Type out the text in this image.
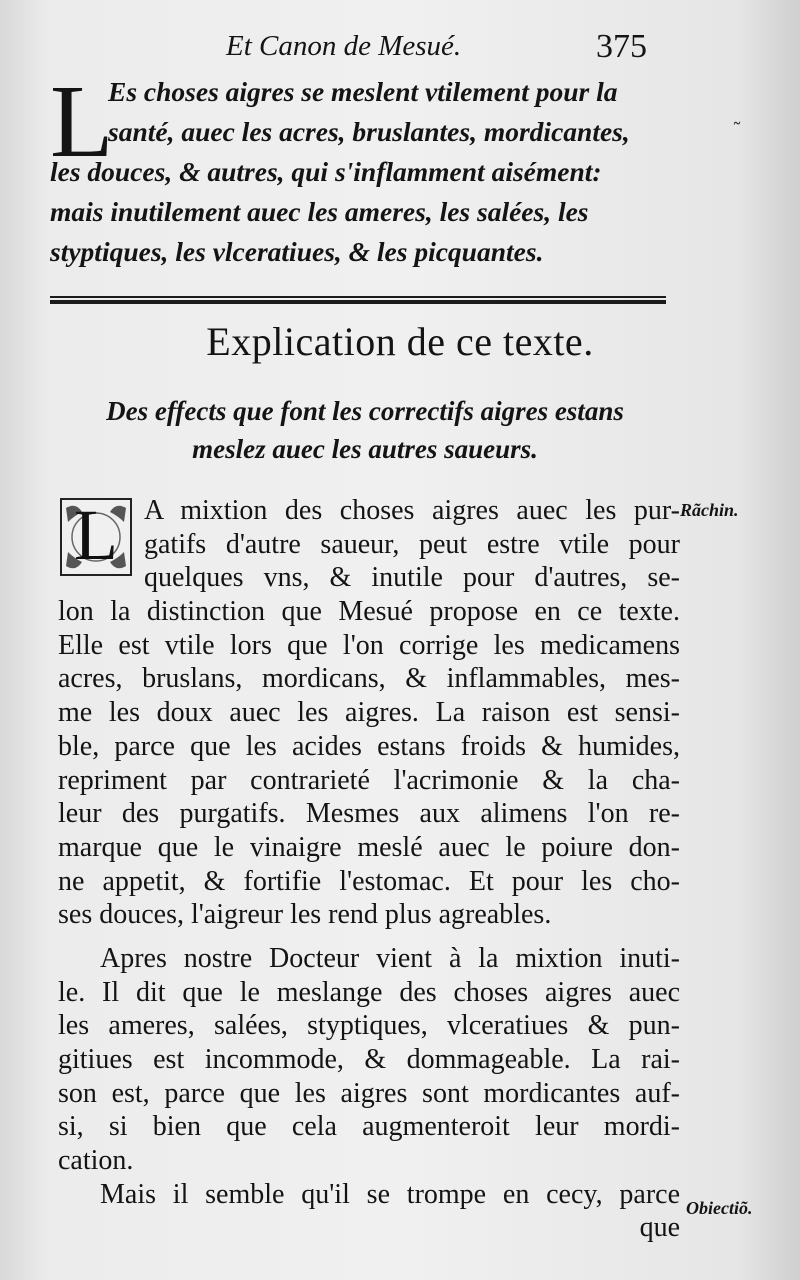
Et Canon de Mesué.	375
L
Es choses aigres se meslent vtilement pour la
santé, auec les acres, bruslantes, mordicantes,
les douces, & autres, qui s'inflamment aisément:
mais inutilement auec les ameres, les salées, les
styptiques, les vlceratiues, & les picquantes.
Explication de ce texte.
Des effects que font les correctifs aigres estans
meslez auec les autres saueurs.
L A mixtion des choses aigres auec les pur-
gatifs d'autre saueur, peut estre vtile pour
quelques vns, & inutile pour d'autres, se-
lon la distinction que Mesué propose en ce texte.
Elle est vtile lors que l'on corrige les medicamens
acres, bruslans, mordicans, & inflammables, mes-
me les doux auec les aigres. La raison est sensi-
ble, parce que les acides estans froids & humides,
repriment par contrarieté l'acrimonie & la cha-
leur des purgatifs. Mesmes aux alimens l'on re-
marque que le vinaigre meslé auec le poiure don-
ne appetit, & fortifie l'estomac. Et pour les cho-
ses douces, l'aigreur les rend plus agreables.
Apres nostre Docteur vient à la mixtion inuti-
le. Il dit que le meslange des choses aigres auec
les ameres, salées, styptiques, vlceratiues & pun-
gitiues est incommode, & dommageable. La rai-
son est, parce que les aigres sont mordicantes auf-
si, si bien que cela augmenteroit leur mordi-
cation.
Mais il semble qu'il se trompe en cecy, parce
que
Rãchin.
Obiectiõ.
˜
